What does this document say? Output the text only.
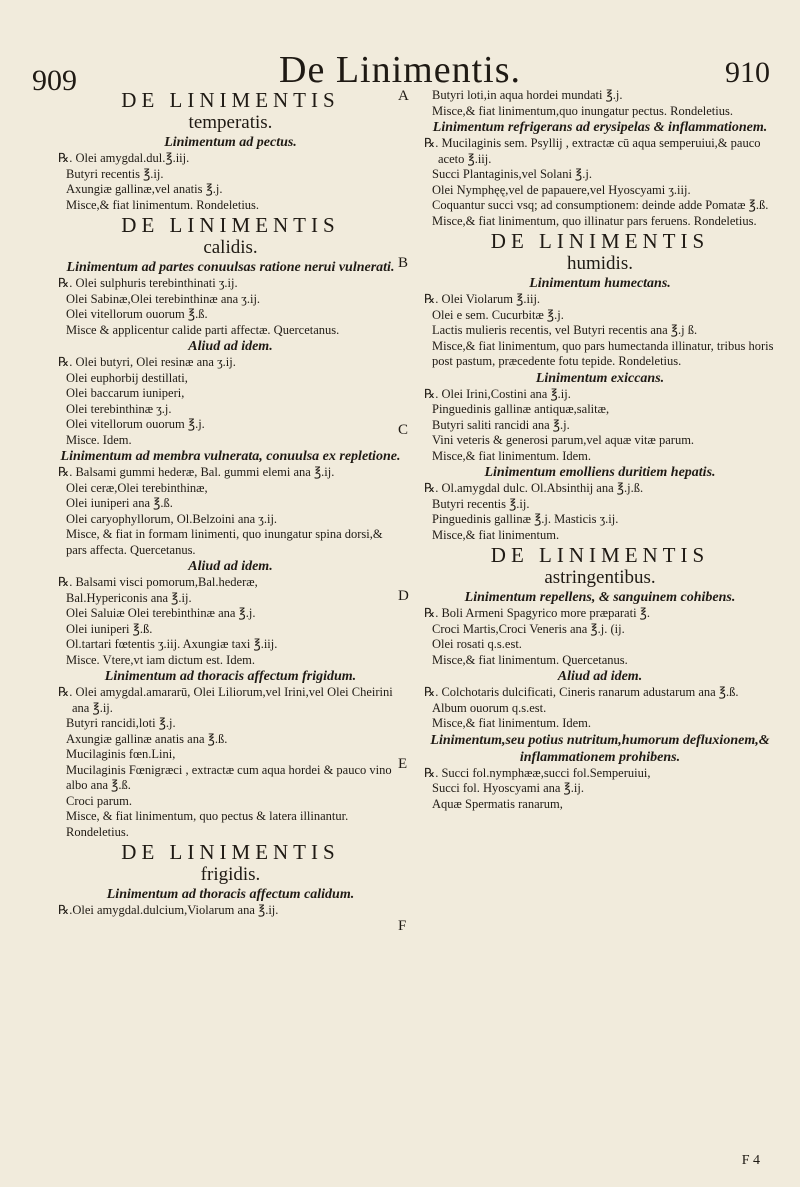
909	De Linimentis.	910

DE LINIMENTIS

temperatis.

Linimentum ad pectus.

℞. Olei amygdal.dul.℥.iij.

Butyri recentis ℥.ij.

Axungiæ gallinæ,vel anatis ℥.j.

Misce,& fiat linimentum. Rondeletius.

DE LINIMENTIS

calidis.

Linimentum ad partes conuulsas ratione nerui vulnerati.

℞. Olei sulphuris terebinthinati ʒ.ij.

Olei Sabinæ,Olei terebinthinæ ana ʒ.ij.

Olei vitellorum ouorum ℥.ß.

Misce & applicentur calide parti affectæ. Quercetanus.

Aliud ad idem.

℞. Olei butyri, Olei resinæ ana ʒ.ij.

Olei euphorbij destillati,

Olei baccarum iuniperi,

Olei terebinthinæ ʒ.j.

Olei vitellorum ouorum ℥.j.

Misce. Idem.

Linimentum ad membra vulnerata, conuulsa ex repletione.

℞. Balsami gummi hederæ, Bal. gummi elemi ana ℥.ij.

Olei ceræ,Olei terebinthinæ,

Olei iuniperi ana ℥.ß.

Olei caryophyllorum, Ol.Belzoini ana ʒ.ij.

Misce, & fiat in formam linimenti, quo inungatur spina dorsi,& pars affecta. Quercetanus.

Aliud ad idem.

℞. Balsami visci pomorum,Bal.hederæ,

Bal.Hypericonis ana ℥.ij.

Olei Saluiæ Olei terebinthinæ ana ℥.j.

Olei iuniperi ℥.ß.

Ol.tartari fœtentis ʒ.iij. Axungiæ taxi ℥.iij.

Misce. Vtere,vt iam dictum est. Idem.

Linimentum ad thoracis affectum frigidum.

℞. Olei amygdal.amararū, Olei Liliorum,vel Irini,vel Olei Cheirini ana ℥.ij.

Butyri rancidi,loti ℥.j.

Axungiæ gallinæ anatis ana ℥.ß.

Mucilaginis fœn.Lini,

Mucilaginis Fœnigræci , extractæ cum aqua hordei & pauco vino albo ana ℥.ß.

Croci parum.

Misce, & fiat linimentum, quo pectus & latera illinantur. Rondeletius.

DE LINIMENTIS

frigidis.

Linimentum ad thoracis affectum calidum.

℞.Olei amygdal.dulcium,Violarum ana ℥.ij.

Butyri loti,in aqua hordei mundati ℥.j.

Misce,& fiat linimentum,quo inungatur pectus. Rondeletius.

Linimentum refrigerans ad erysipelas & inflammationem.

℞. Mucilaginis sem. Psyllij , extractæ cū aqua semperuiui,& pauco aceto ℥.iij.

Succi Plantaginis,vel Solani ℥.j.

Olei Nymphęę,vel de papauere,vel Hyoscyami ʒ.iij.

Coquantur succi vsq; ad consumptionem: deinde adde Pomatæ ℥.ß.

Misce,& fiat linimentum, quo illinatur pars feruens. Rondeletius.

DE LINIMENTIS

humidis.

Linimentum humectans.

℞. Olei Violarum ℥.iij.

Olei e sem. Cucurbitæ ℥.j.

Lactis mulieris recentis, vel Butyri recentis ana ℥.j ß.

Misce,& fiat linimentum, quo pars humectanda illinatur, tribus horis post pastum, præcedente fotu tepide. Rondeletius.

Linimentum exiccans.

℞. Olei Irini,Costini ana ℥.ij.

Pinguedinis gallinæ antiquæ,salitæ,

Butyri saliti rancidi ana ℥.j.

Vini veteris & generosi parum,vel aquæ vitæ parum.

Misce,& fiat linimentum. Idem.

Linimentum emolliens duritiem hepatis.

℞. Ol.amygdal dulc. Ol.Absinthij ana ℥.j.ß.

Butyri recentis ℥.ij.

Pinguedinis gallinæ ℥.j. Masticis ʒ.ij.

Misce,& fiat linimentum.

DE LINIMENTIS

astringentibus.

Linimentum repellens, & sanguinem cohibens.

℞. Boli Armeni Spagyrico more præparati ℥.

Croci Martis,Croci Veneris ana ℥.j. (ij.

Olei rosati q.s.est.

Misce,& fiat linimentum. Quercetanus.

Aliud ad idem.

℞. Colchotaris dulcificati, Cineris ranarum adustarum ana ℥.ß.

Album ouorum q.s.est.

Misce,& fiat linimentum. Idem.

Linimentum,seu potius nutritum,humorum defluxionem,& inflammationem prohibens.

℞. Succi fol.nymphææ,succi fol.Semperuiui,

Succi fol. Hyoscyami ana ℥.ij.

Aquæ Spermatis ranarum,

A
B
C
D
E
F
F 4
